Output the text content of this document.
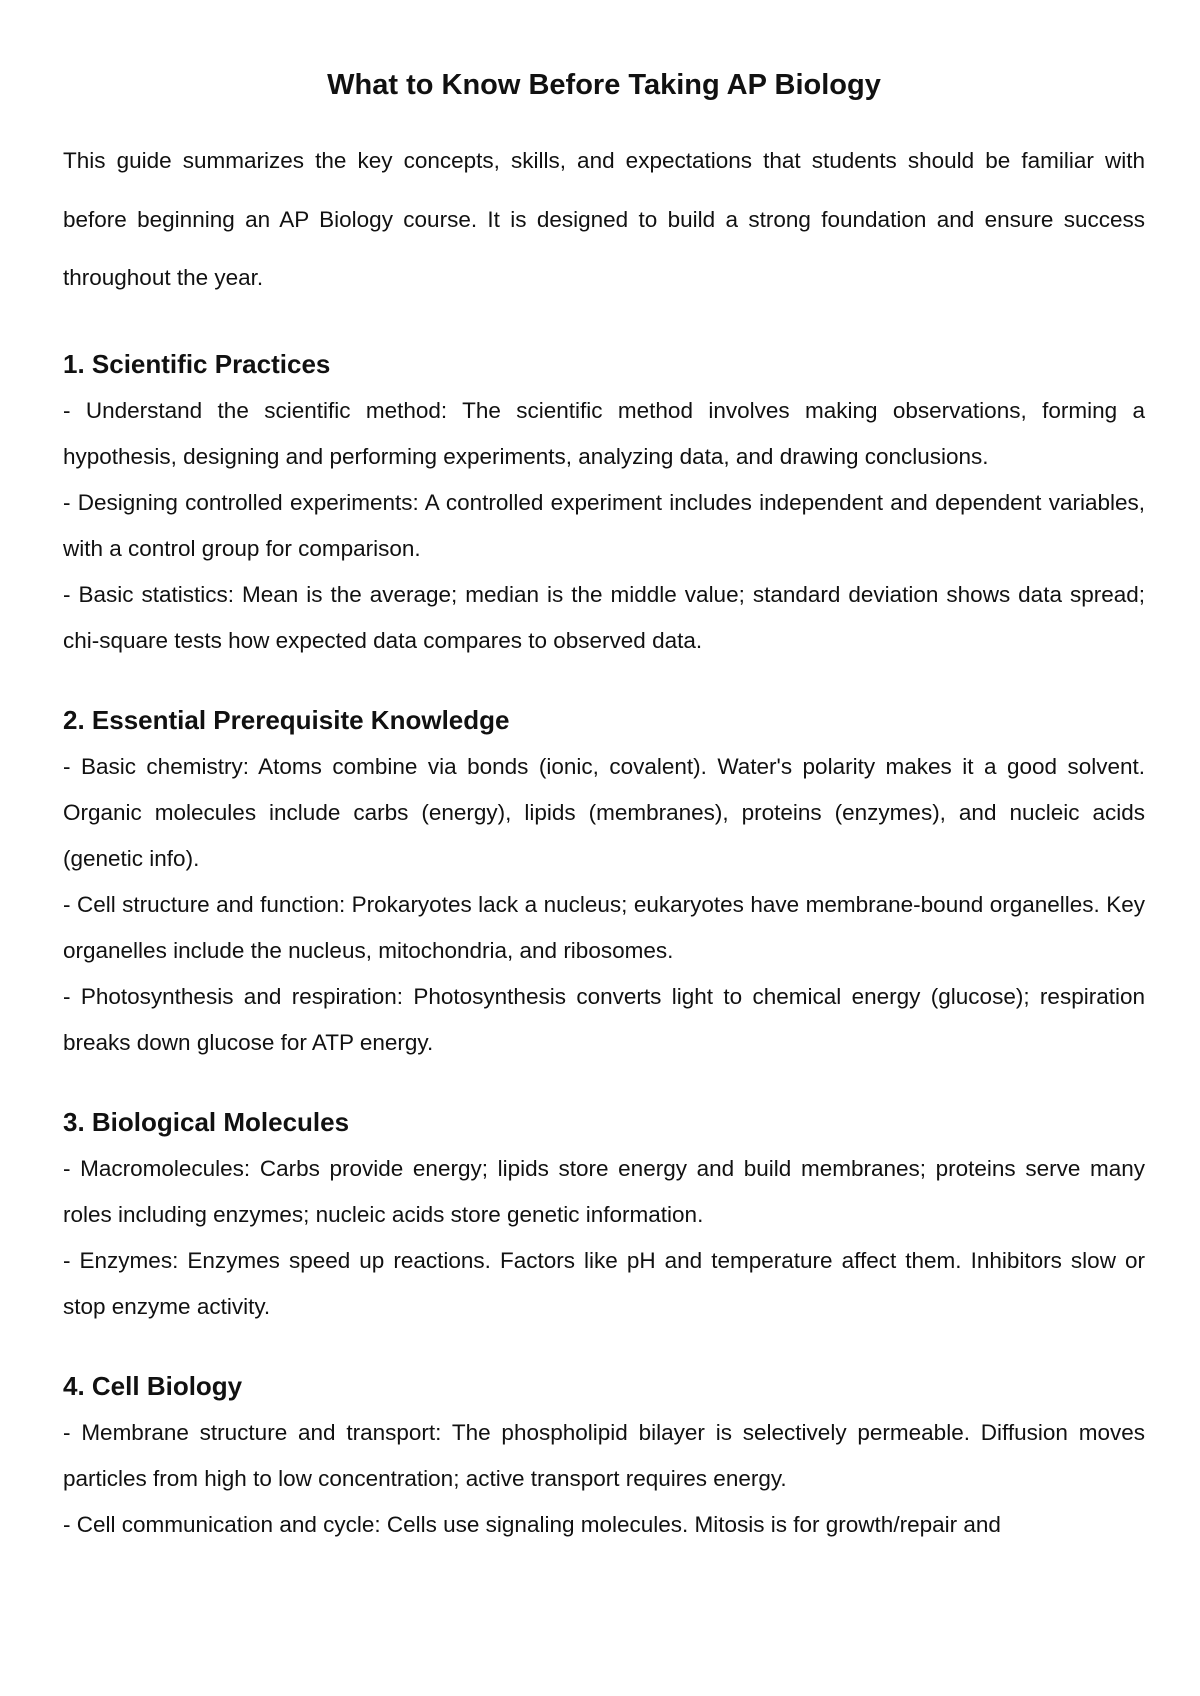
What to Know Before Taking AP Biology

This guide summarizes the key concepts, skills, and expectations that students should be familiar with before beginning an AP Biology course. It is designed to build a strong foundation and ensure success throughout the year.

1. Scientific Practices

- Understand the scientific method: The scientific method involves making observations, forming a hypothesis, designing and performing experiments, analyzing data, and drawing conclusions.

- Designing controlled experiments: A controlled experiment includes independent and dependent variables, with a control group for comparison.

- Basic statistics: Mean is the average; median is the middle value; standard deviation shows data spread; chi-square tests how expected data compares to observed data.

2. Essential Prerequisite Knowledge

- Basic chemistry: Atoms combine via bonds (ionic, covalent). Water's polarity makes it a good solvent. Organic molecules include carbs (energy), lipids (membranes), proteins (enzymes), and nucleic acids (genetic info).

- Cell structure and function: Prokaryotes lack a nucleus; eukaryotes have membrane-bound organelles. Key organelles include the nucleus, mitochondria, and ribosomes.

- Photosynthesis and respiration: Photosynthesis converts light to chemical energy (glucose); respiration breaks down glucose for ATP energy.

3. Biological Molecules

- Macromolecules: Carbs provide energy; lipids store energy and build membranes; proteins serve many roles including enzymes; nucleic acids store genetic information.

- Enzymes: Enzymes speed up reactions. Factors like pH and temperature affect them. Inhibitors slow or stop enzyme activity.

4. Cell Biology

- Membrane structure and transport: The phospholipid bilayer is selectively permeable. Diffusion moves particles from high to low concentration; active transport requires energy.

- Cell communication and cycle: Cells use signaling molecules. Mitosis is for growth/repair and
